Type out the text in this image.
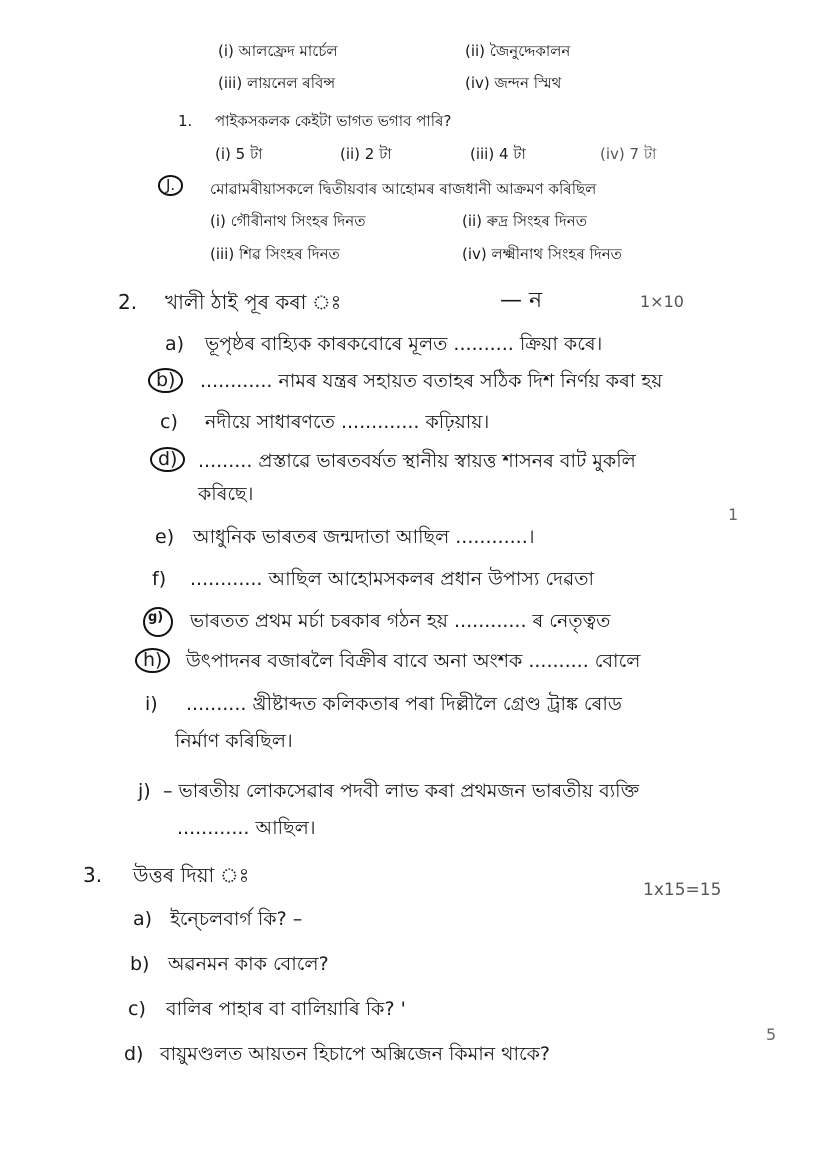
(i) আলফ্রেদ মার্চেল	(ii) জৈনুদ্দেকালন
(iii) লায়নেল ৰবিন্স	(iv) জন্দন স্মিথ
1. পাইকসকলক কেইটা ভাগত ভগাব পাৰি?
(i) 5 টা	(ii) 2 টা	(iii) 4 টা	(iv) 7 টা
J.	মোৱামৰীয়াসকলে দ্বিতীয়বাৰ আহোমৰ ৰাজধানী আক্ৰমণ কৰিছিল
(i) গৌৰীনাথ সিংহৰ দিনত	(ii) ৰুদ্ৰ সিংহৰ দিনত
(iii) শিৱ সিংহৰ দিনত	(iv) লক্ষ্মীনাথ সিংহৰ দিনত
2. খালী ঠাই পূৰ কৰা ঃ	— ন	1×10
a) ভূপৃষ্ঠৰ বাহ্যিক কাৰকবোৰে মূলত .......... ক্ৰিয়া কৰে।
b)	............ নামৰ যন্ত্ৰৰ সহায়ত বতাহৰ সঠিক দিশ নিৰ্ণয় কৰা হয়
c) নদীয়ে সাধাৰণতে ............. কঢ়িয়ায়।
d)	......... প্ৰস্তাৱে ভাৰতবৰ্ষত স্থানীয় স্বায়ত্ত শাসনৰ বাট মুকলি
কৰিছে।
e) আধুনিক ভাৰতৰ জন্মদাতা আছিল ............।
f) ............ আছিল আহোমসকলৰ প্ৰধান উপাস্য দেৱতা
g) ভাৰতত প্ৰথম মৰ্চা চৰকাৰ গঠন হয় ............ ৰ নেতৃত্বত
h)	উৎপাদনৰ বজাৰলৈ বিক্ৰীৰ বাবে অনা অংশক .......... বোলে
i) .......... খ্ৰীষ্টাব্দত কলিকতাৰ পৰা দিল্লীলৈ গ্ৰেণ্ড ট্ৰাঙ্ক ৰোড
নিৰ্মাণ কৰিছিল।
j) – ভাৰতীয় লোকসেৱাৰ পদবী লাভ কৰা প্ৰথমজন ভাৰতীয় ব্যক্তি
............ আছিল।
3. উত্তৰ দিয়া ঃ
1x15=15
a) ইন্চেলবাৰ্গ কি? –
b) অৱনমন কাক বোলে?
c) বালিৰ পাহাৰ বা বালিয়াৰি কি? '
d) বায়ুমণ্ডলত আয়তন হিচাপে অক্সিজেন কিমান থাকে?
1
5
